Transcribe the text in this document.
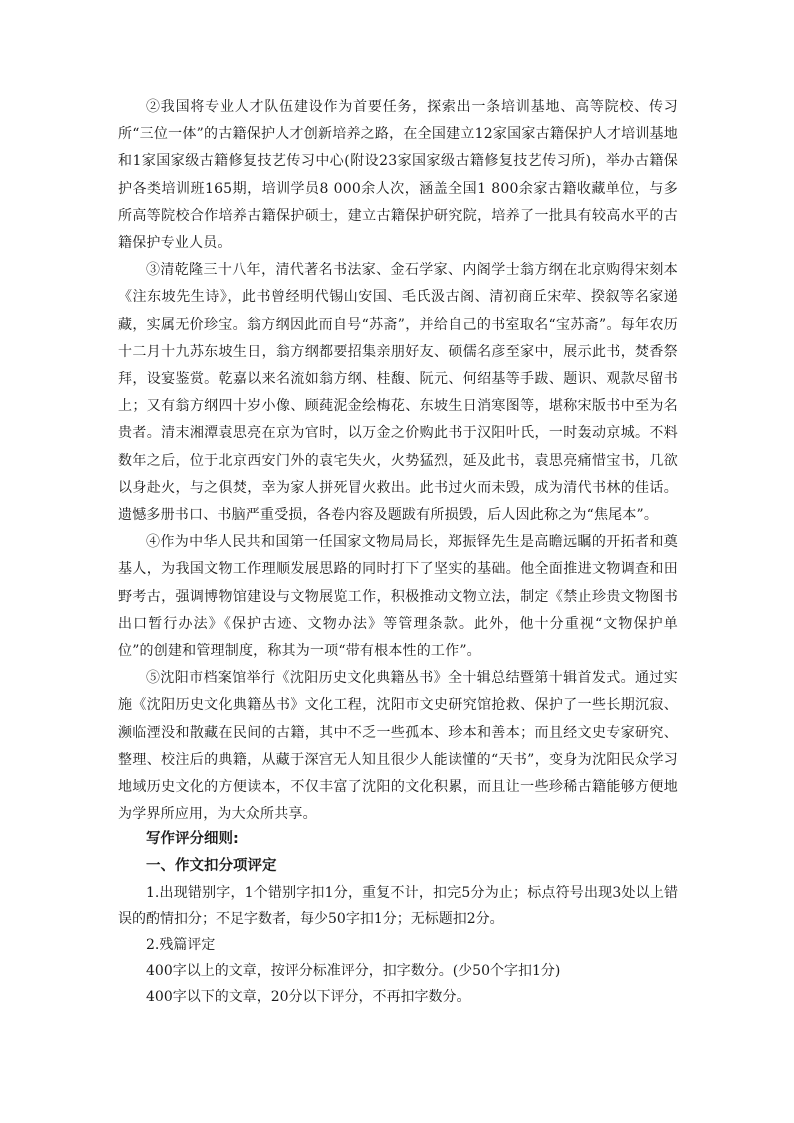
②我国将专业人才队伍建设作为首要任务，探索出一条培训基地、高等院校、传习所“三位一体”的古籍保护人才创新培养之路，在全国建立12家国家古籍保护人才培训基地和1家国家级古籍修复技艺传习中心(附设23家国家级古籍修复技艺传习所)，举办古籍保护各类培训班165期，培训学员8 000余人次，涵盖全国1 800余家古籍收藏单位，与多所高等院校合作培养古籍保护硕士，建立古籍保护研究院，培养了一批具有较高水平的古籍保护专业人员。

③清乾隆三十八年，清代著名书法家、金石学家、内阁学士翁方纲在北京购得宋刻本《注东坡先生诗》，此书曾经明代锡山安国、毛氏汲古阁、清初商丘宋荦、揆叙等名家递藏，实属无价珍宝。翁方纲因此而自号“苏斋”，并给自己的书室取名“宝苏斋”。每年农历十二月十九苏东坡生日，翁方纲都要招集亲朋好友、硕儒名彦至家中，展示此书，焚香祭拜，设宴鉴赏。乾嘉以来名流如翁方纲、桂馥、阮元、何绍基等手跋、题识、观款尽留书上；又有翁方纲四十岁小像、顾莼泥金绘梅花、东坡生日消寒图等，堪称宋版书中至为名贵者。清末湘潭袁思亮在京为官时，以万金之价购此书于汉阳叶氏，一时轰动京城。不料数年之后，位于北京西安门外的袁宅失火，火势猛烈，延及此书，袁思亮痛惜宝书，几欲以身赴火，与之俱焚，幸为家人拼死冒火救出。此书过火而未毁，成为清代书林的佳话。遗憾多册书口、书脑严重受损，各卷内容及题跋有所损毁，后人因此称之为“焦尾本”。

④作为中华人民共和国第一任国家文物局局长，郑振铎先生是高瞻远瞩的开拓者和奠基人，为我国文物工作理顺发展思路的同时打下了坚实的基础。他全面推进文物调查和田野考古，强调博物馆建设与文物展览工作，积极推动文物立法，制定《禁止珍贵文物图书出口暂行办法》《保护古迹、文物办法》等管理条款。此外，他十分重视“文物保护单位”的创建和管理制度，称其为一项“带有根本性的工作”。

⑤沈阳市档案馆举行《沈阳历史文化典籍丛书》全十辑总结暨第十辑首发式。通过实施《沈阳历史文化典籍丛书》文化工程，沈阳市文史研究馆抢救、保护了一些长期沉寂、濒临湮没和散藏在民间的古籍，其中不乏一些孤本、珍本和善本；而且经文史专家研究、整理、校注后的典籍，从藏于深宫无人知且很少人能读懂的“天书”，变身为沈阳民众学习地域历史文化的方便读本，不仅丰富了沈阳的文化积累，而且让一些珍稀古籍能够方便地为学界所应用，为大众所共享。

写作评分细则:

一、作文扣分项评定

1.出现错别字，1个错别字扣1分，重复不计，扣完5分为止；标点符号出现3处以上错误的酌情扣分；不足字数者，每少50字扣1分；无标题扣2分。

2.残篇评定

400字以上的文章，按评分标准评分，扣字数分。(少50个字扣1分)

400字以下的文章，20分以下评分，不再扣字数分。
